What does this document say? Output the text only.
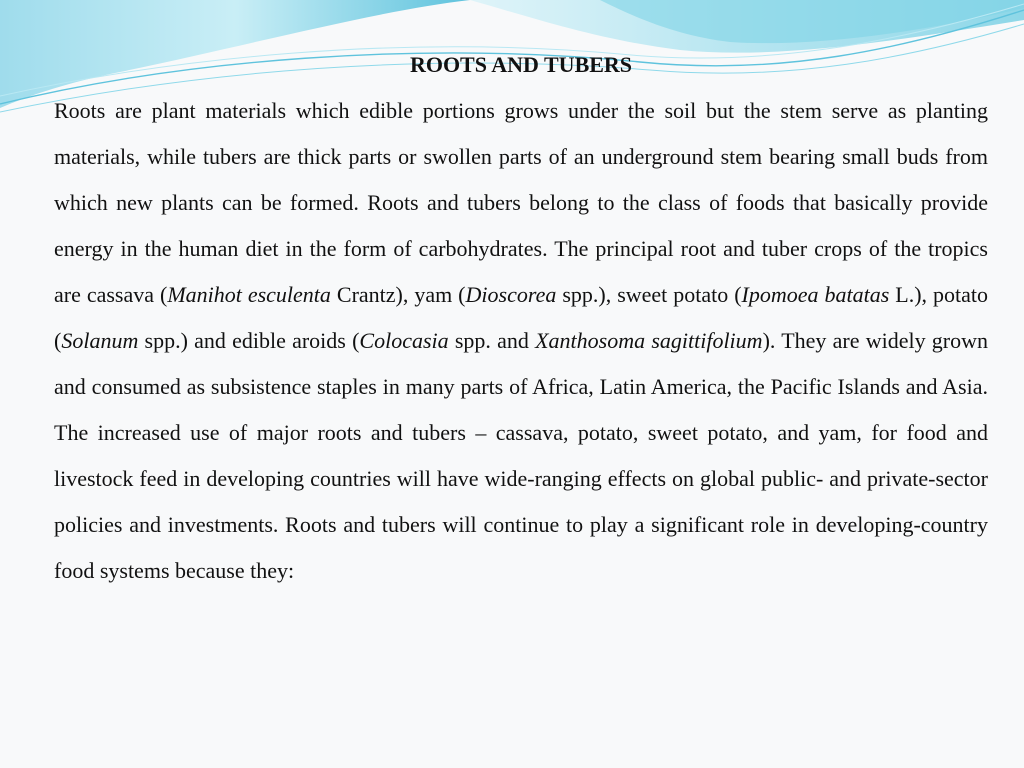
ROOTS AND TUBERS

Roots are plant materials which edible portions grows under the soil but the stem serve as planting materials, while tubers are thick parts or swollen parts of an underground stem bearing small buds from which new plants can be formed. Roots and tubers belong to the class of foods that basically provide energy in the human diet in the form of carbohydrates. The principal root and tuber crops of the tropics are cassava (Manihot esculenta Crantz), yam (Dioscorea spp.), sweet potato (Ipomoea batatas L.), potato (Solanum spp.) and edible aroids (Colocasia spp. and Xanthosoma sagittifolium). They are widely grown and consumed as subsistence staples in many parts of Africa, Latin America, the Pacific Islands and Asia. The increased use of major roots and tubers – cassava, potato, sweet potato, and yam, for food and livestock feed in developing countries will have wide-ranging effects on global public- and private-sector policies and investments. Roots and tubers will continue to play a significant role in developing-country food systems because they:
